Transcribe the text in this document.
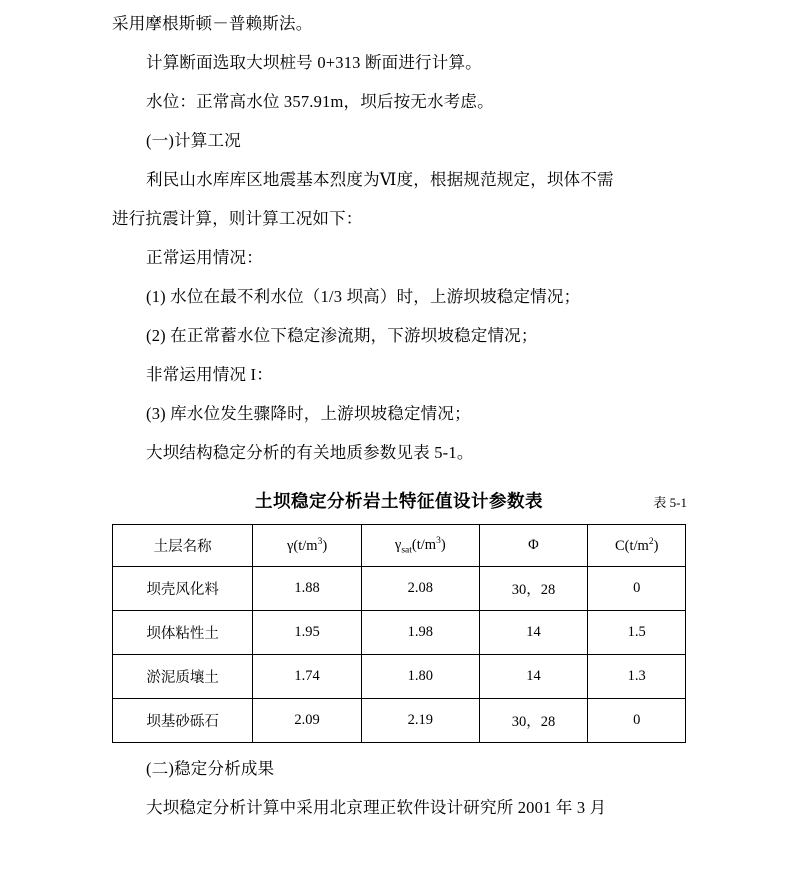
采用摩根斯顿－普赖斯法。

计算断面选取大坝桩号 0+313 断面进行计算。

水位：正常高水位 357.91m，坝后按无水考虑。

(一)计算工况

利民山水库库区地震基本烈度为Ⅵ度，根据规范规定，坝体不需

进行抗震计算，则计算工况如下：

正常运用情况：

(1) 水位在最不利水位（1/3 坝高）时，上游坝坡稳定情况；

(2) 在正常蓄水位下稳定渗流期，下游坝坡稳定情况；

非常运用情况 I：

(3) 库水位发生骤降时，上游坝坡稳定情况；

大坝结构稳定分析的有关地质参数见表 5-1。

土坝稳定分析岩土特征值设计参数表	表 5-1
土层名称	$\gamma(t/m^3)$	$\gamma_{sat}(t/m^3)$	Φ	$C(t/m^2)$
坝壳风化料	1.88	2.08	30，28	0
坝体粘性土	1.95	1.98	14	1.5
淤泥质壤土	1.74	1.80	14	1.3
坝基砂砾石	2.09	2.19	30，28	0

(二)稳定分析成果

大坝稳定分析计算中采用北京理正软件设计研究所 2001 年 3 月
